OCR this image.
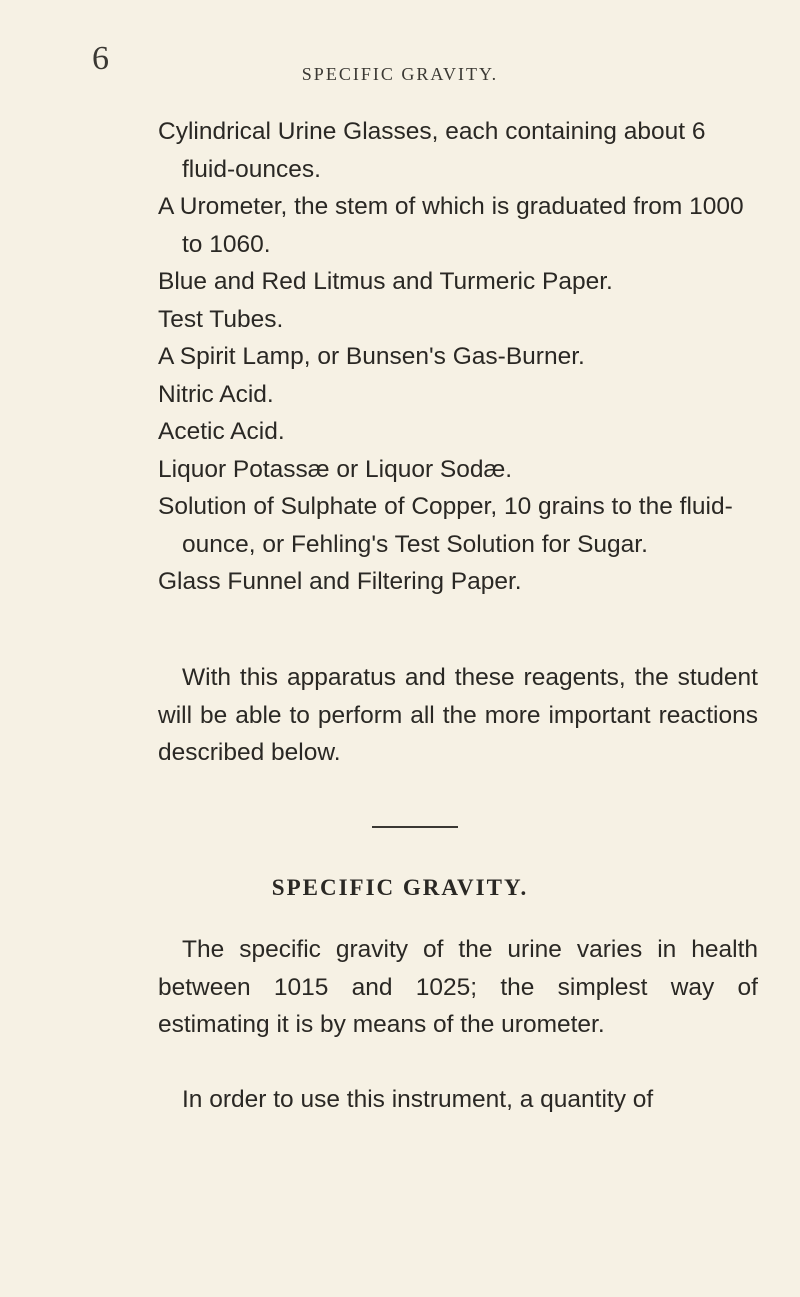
6	SPECIFIC GRAVITY.
Cylindrical Urine Glasses, each containing about 6 fluid-ounces.
A Urometer, the stem of which is graduated from 1000 to 1060.
Blue and Red Litmus and Turmeric Paper.
Test Tubes.
A Spirit Lamp, or Bunsen's Gas-Burner.
Nitric Acid.
Acetic Acid.
Liquor Potassæ or Liquor Sodæ.
Solution of Sulphate of Copper, 10 grains to the fluid-ounce, or Fehling's Test Solution for Sugar.
Glass Funnel and Filtering Paper.

With this apparatus and these reagents, the student will be able to perform all the more important reactions described below.

SPECIFIC GRAVITY.

The specific gravity of the urine varies in health between 1015 and 1025; the simplest way of estimating it is by means of the urometer.

In order to use this instrument, a quantity of
